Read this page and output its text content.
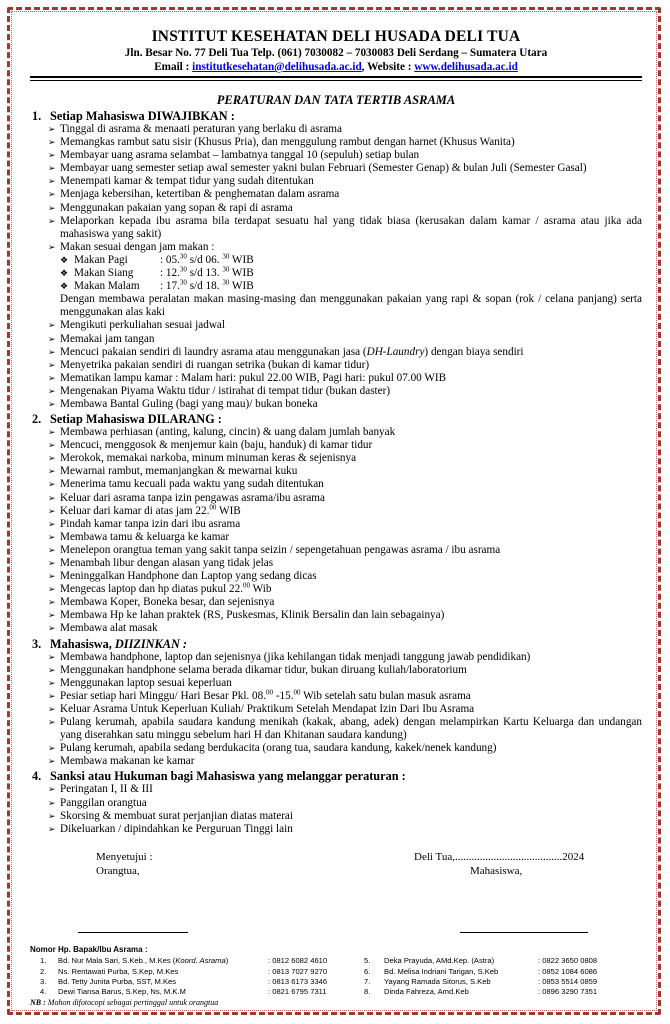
INSTITUT KESEHATAN DELI HUSADA DELI TUA
Jln. Besar No. 77 Deli Tua Telp. (061) 7030082 – 7030083 Deli Serdang – Sumatera Utara
Email : institutkesehatan@delihusada.ac.id, Website : www.delihusada.ac.id
PERATURAN DAN TATA TERTIB ASRAMA
1. Setiap Mahasiswa DIWAJIBKAN :
➢ Tinggal di asrama & menaati peraturan yang berlaku di asrama
➢ Memangkas rambut satu sisir (Khusus Pria), dan menggulung rambut dengan harnet (Khusus Wanita)
➢ Membayar uang asrama selambat – lambatnya tanggal 10 (sepuluh) setiap bulan
➢ Membayar uang semester setiap awal semester yakni bulan Februari (Semester Genap) & bulan Juli (Semester Gasal)
➢ Menempati kamar & tempat tidur yang sudah ditentukan
➢ Menjaga kebersihan, ketertiban & penghematan dalam asrama
➢ Menggunakan pakaian yang sopan & rapi di asrama
➢ Melaporkan kepada ibu asrama bila terdapat sesuatu hal yang tidak biasa (kerusakan dalam kamar / asrama atau jika ada mahasiswa yang sakit)
➢ Makan sesuai dengan jam makan :
❖ Makan Pagi	: 05.30 s/d 06. $^{30}$ WIB
❖ Makan Siang : 12.30 s/d 13. $^{30}$ WIB
❖ Makan Malam : 17.30 s/d 18. $^{30}$ WIB
Dengan membawa peralatan makan masing-masing dan menggunakan pakaian yang rapi & sopan (rok / celana panjang) serta menggunakan alas kaki
➢ Mengikuti perkuliahan sesuai jadwal
➢ Memakai jam tangan
➢ Mencuci pakaian sendiri di laundry asrama atau menggunakan jasa (DH-Laundry) dengan biaya sendiri
➢ Menyetrika pakaian sendiri di ruangan setrika (bukan di kamar tidur)
➢ Mematikan lampu kamar : Malam hari: pukul 22.00 WIB, Pagi hari: pukul 07.00 WIB
➢ Mengenakan Piyama Waktu tidur / istirahat di tempat tidur (bukan daster)
➢ Membawa Bantal Guling (bagi yang mau)/ bukan boneka
2. Setiap Mahasiswa DILARANG :
➢ Membawa perhiasan (anting, kalung, cincin) & uang dalam jumlah banyak
➢ Mencuci, menggosok & menjemur kain (baju, handuk) di kamar tidur
➢ Merokok, memakai narkoba, minum minuman keras & sejenisnya
➢ Mewarnai rambut, memanjangkan & mewarnai kuku
➢ Menerima tamu kecuali pada waktu yang sudah ditentukan
➢ Keluar dari asrama tanpa izin pengawas asrama/ibu asrama
➢ Keluar dari kamar di atas jam 22.00 WIB
➢ Pindah kamar tanpa izin dari ibu asrama
➢ Membawa tamu & keluarga ke kamar
➢ Menelepon orangtua teman yang sakit tanpa seizin / sepengetahuan pengawas asrama / ibu asrama
➢ Menambah libur dengan alasan yang tidak jelas
➢ Meninggalkan Handphone dan Laptop yang sedang dicas
➢ Mengecas laptop dan hp diatas pukul 22.00 Wib
➢ Membawa Koper, Boneka besar, dan sejenisnya
➢ Membawa Hp ke lahan praktek (RS, Puskesmas, Klinik Bersalin dan lain sebagainya)
➢ Membawa alat masak
3. Mahasiswa, DIIZINKAN :
➢ Membawa handphone, laptop dan sejenisnya (jika kehilangan tidak menjadi tanggung jawab pendidikan)
➢ Menggunakan handphone selama berada dikamar tidur, bukan diruang kuliah/laboratorium
➢ Menggunakan laptop sesuai keperluan
➢ Pesiar setiap hari Minggu/ Hari Besar Pkl. 08.00 -15.00 Wib setelah satu bulan masuk asrama
➢ Keluar Asrama Untuk Keperluan Kuliah/ Praktikum Setelah Mendapat Izin Dari Ibu Asrama
➢ Pulang kerumah, apabila saudara kandung menikah (kakak, abang, adek) dengan melampirkan Kartu Keluarga dan undangan yang diserahkan satu minggu sebelum hari H dan Khitanan saudara kandung)
➢ Pulang kerumah, apabila sedang berdukacita (orang tua, saudara kandung, kakek/nenek kandung)
➢ Membawa makanan ke kamar
4. Sanksi atau Hukuman bagi Mahasiswa yang melanggar peraturan :
➢ Peringatan I, II & III
➢ Panggilan orangtua
➢ Skorsing & membuat surat perjanjian diatas materai
➢ Dikeluarkan / dipindahkan ke Perguruan Tinggi lain
Menyetujui :
Orangtua,
Deli Tua,.......................................2024
Mahasiswa,
Nomor Hp. Bapak/Ibu Asrama :
1. Bd. Nur Mala Sari, S.Keb., M.Kes (Koord. Asrama)	: 0812 6082 4610	5. Deka Prayuda, AMd.Kep. (Astra)	: 0822 3650 0808
2. Ns. Rentawati Purba, S.Kep, M.Kes	: 0813 7027 9270	6. Bd. Melisa Indriani Tarigan, S.Keb	: 0852 1084 6086
3. Bd. Tetty Junita Purba, SST, M.Kes	: 0813 6173 3346	7. Yayang Ramada Sitorus, S.Keb	: 0853 5514 0859
4. Dewi Tiansa Barus, S.Kep, Ns, M.K.M	: 0821 6795 7311	8. Dinda Fahreza, Amd.Keb	: 0896 3290 7351
NB : Mohon difotocopi sebagai pertinggal untuk orangtua
